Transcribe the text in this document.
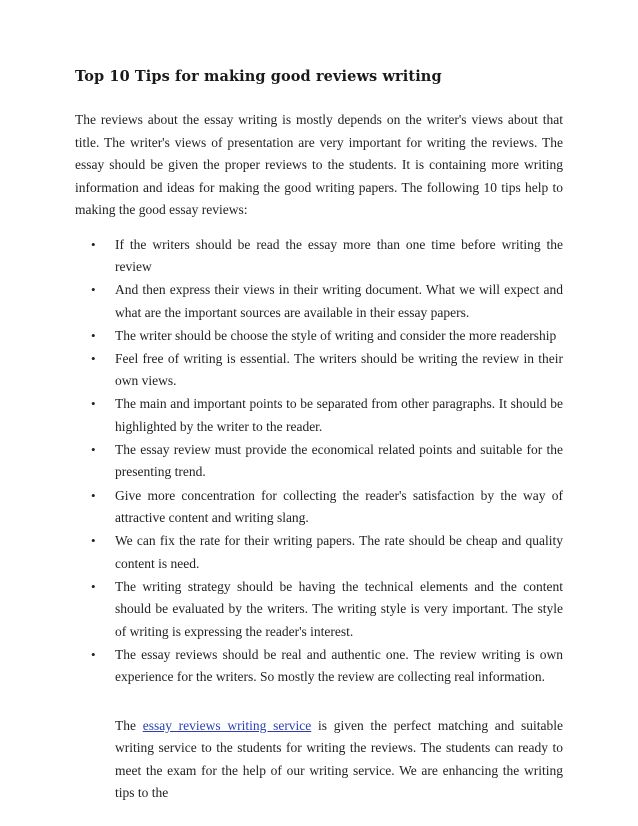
Top 10 Tips for making good reviews writing

The reviews about the essay writing is mostly depends on the writer's views about that title. The writer's views of presentation are very important for writing the reviews. The essay should be given the proper reviews to the students. It is containing more writing information and ideas for making the good writing papers. The following 10 tips help to making the good essay reviews:

• If the writers should be read the essay more than one time before writing the review
• And then express their views in their writing document. What we will expect and what are the important sources are available in their essay papers.
• The writer should be choose the style of writing and consider the more readership
• Feel free of writing is essential. The writers should be writing the review in their own views.
• The main and important points to be separated from other paragraphs. It should be highlighted by the writer to the reader.
• The essay review must provide the economical related points and suitable for the presenting trend.
• Give more concentration for collecting the reader's satisfaction by the way of attractive content and writing slang.
• We can fix the rate for their writing papers. The rate should be cheap and quality content is need.
• The writing strategy should be having the technical elements and the content should be evaluated by the writers. The writing style is very important. The style of writing is expressing the reader's interest.
• The essay reviews should be real and authentic one. The review writing is own experience for the writers. So mostly the review are collecting real information.

The essay reviews writing service is given the perfect matching and suitable writing service to the students for writing the reviews. The students can ready to meet the exam for the help of our writing service. We are enhancing the writing tips to the
